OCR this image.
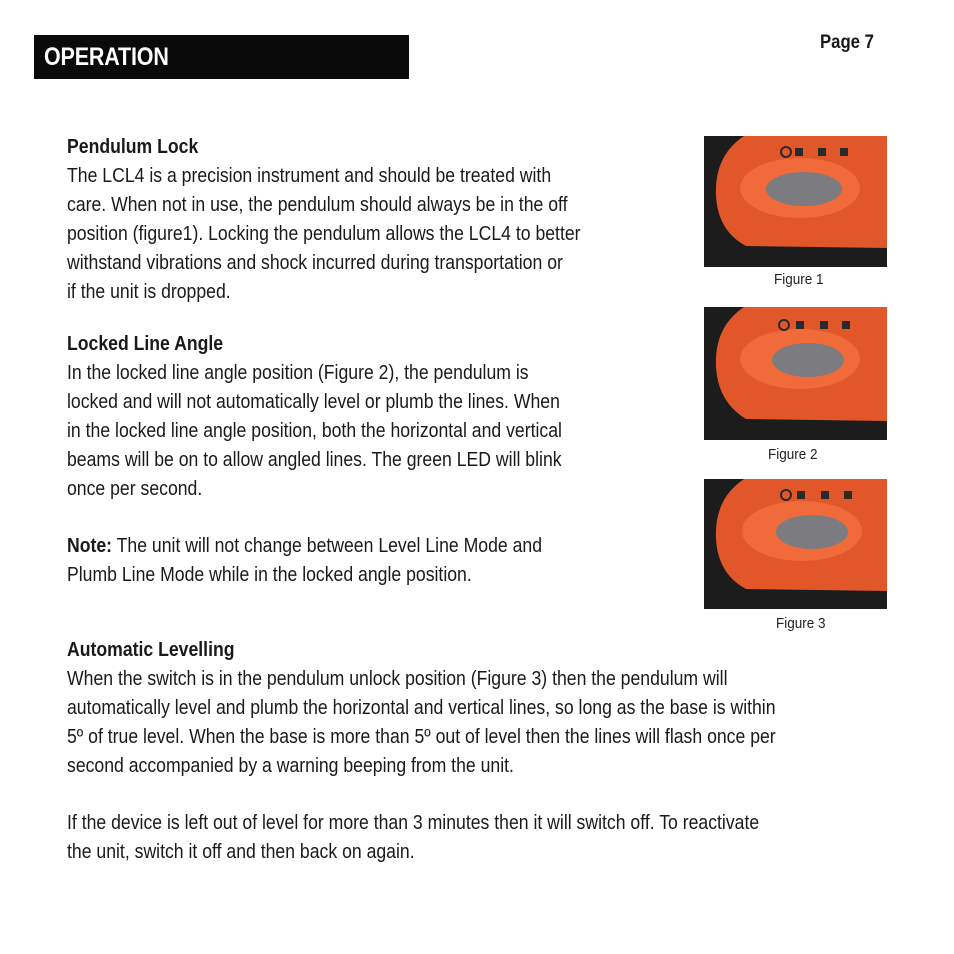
OPERATION
Page 7
Pendulum Lock

The LCL4 is a precision instrument and should be treated with

care. When not in use, the pendulum should always be in the off

position (figure1). Locking the pendulum allows the LCL4 to better

withstand vibrations and shock incurred during transportation or

if the unit is dropped.

Locked Line Angle

In the locked line angle position (Figure 2), the pendulum is

locked and will not automatically level or plumb the lines. When

in the locked line angle position, both the horizontal and vertical

beams will be on to allow angled lines. The green LED will blink

once per second.

Note: The unit will not change between Level Line Mode and

Plumb Line Mode while in the locked angle position.

Automatic Levelling

When the switch is in the pendulum unlock position (Figure 3) then the pendulum will

automatically level and plumb the horizontal and vertical lines, so long as the base is within

5º of true level. When the base is more than 5º out of level then the lines will flash once per

second accompanied by a warning beeping from the unit.

If the device is left out of level for more than 3 minutes then it will switch off. To reactivate

the unit, switch it off and then back on again.

Figure 1
Figure 2
Figure 3
